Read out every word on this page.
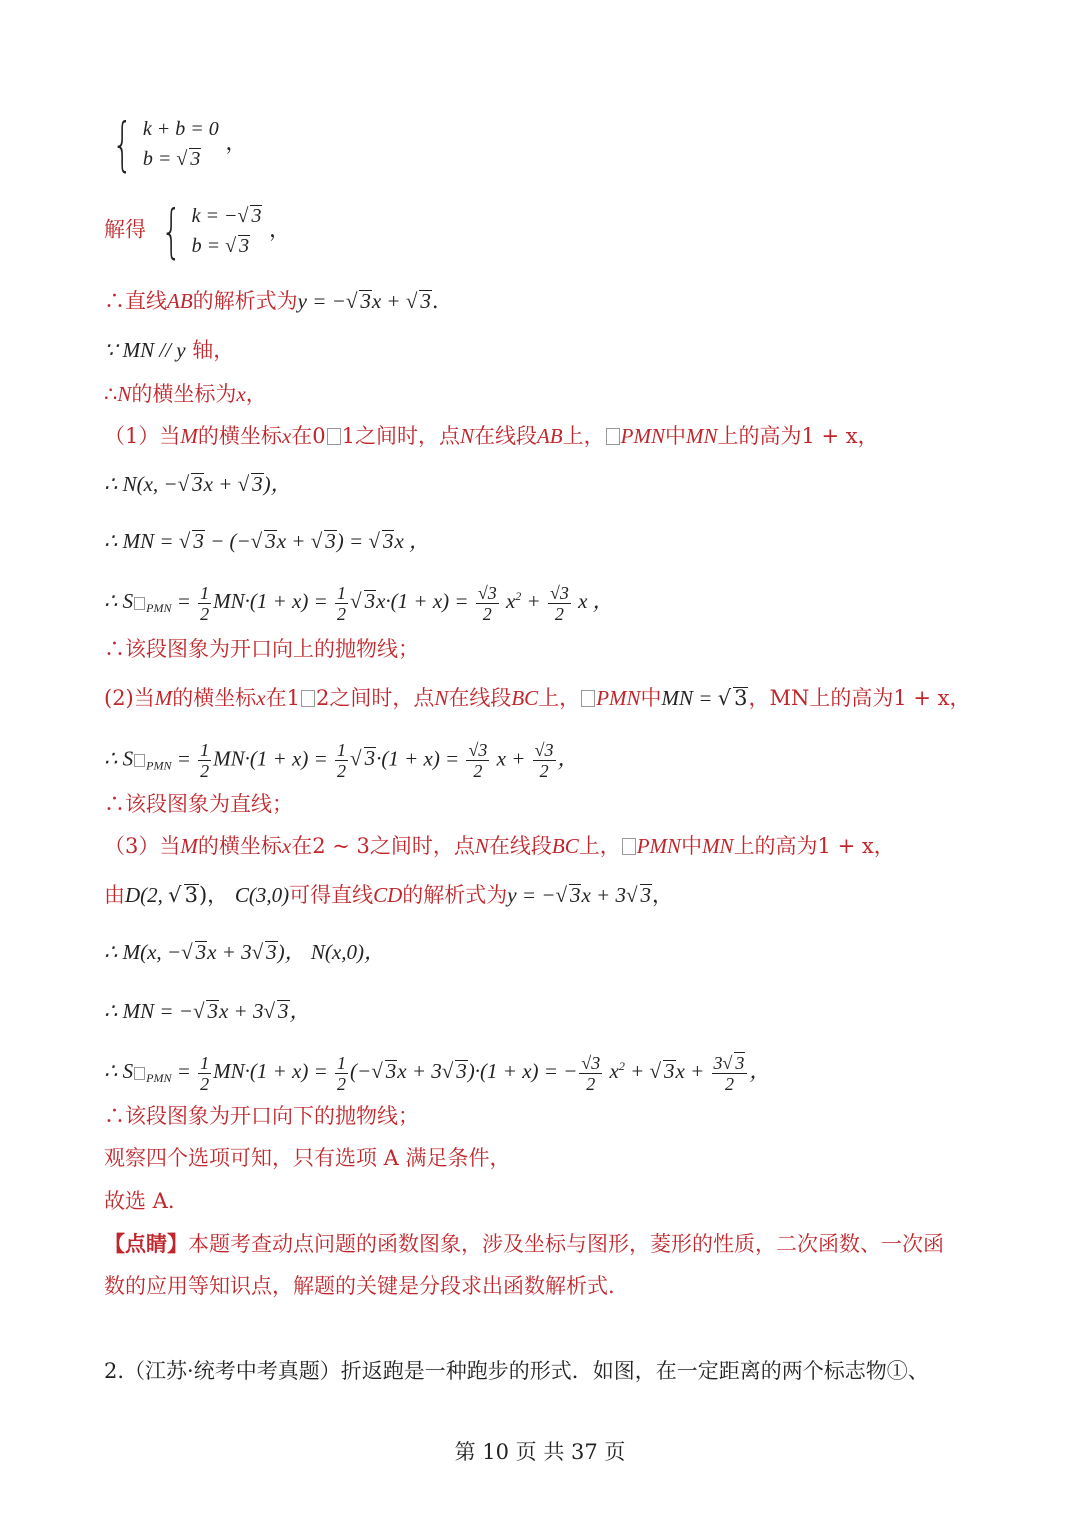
{ k + b = 0
b = √ 3
，
解得 { k = −√ 3
b = √ 3
，
∴直线AB的解析式为y = −√ 3x + √ 3.
∵ MN // y 轴，
∴N的横坐标为x，
（1）当M的横坐标x在0 1之间时，点N在线段AB上， PMN中MN上的高为1 + x，
∴ N(x, −√ 3x + √ 3)，
∴ MN = √ 3 − (−√ 3x + √ 3) = √ 3x ，
∴ S $_{PMN} = \frac{1}{2} MN\cdot(1 + x) = \frac{1}{2}$ √ $3x\cdot(1 + x) = \frac{√3}{2} x^2 + \frac{√3}{2}$ x ，
∴该段图象为开口向上的抛物线；
(2)当M的横坐标x在1 2之间时，点N在线段BC上， PMN中MN = √ 3，MN上的高为1 + x，
∴ S $_{PMN} = \frac{1}{2} MN\cdot(1 + x) = \frac{1}{2}$ √ $3\cdot(1 + x) = \frac{√3}{2}$ $x + \frac{√3}{2}$ ，
∴该段图象为直线；
（3）当M的横坐标x在2 ~ 3之间时，点N在线段BC上， PMN中MN上的高为1 + x，
由D(2, √ 3)， C(3,0)可得直线CD的解析式为y = −√ 3x + 3√ 3，
∴ M(x, −√ 3x + 3√ 3)， N(x,0)，
∴ MN = −√ 3x + 3√ 3，
∴ S $_{PMN} = \frac{1}{2} MN\cdot(1 + x) = \frac{1}{2}$ (−√ 3x + 3√ 3)·(1 + x) = − $\frac{√3}{2} x^2$ + √ $3x + \frac{3√ 3}{2}$ ，
∴该段图象为开口向下的抛物线；
观察四个选项可知，只有选项 A 满足条件，
故选 A.
【点睛】本题考查动点问题的函数图象，涉及坐标与图形，菱形的性质，二次函数、一次函
数的应用等知识点，解题的关键是分段求出函数解析式.
2.（江苏·统考中考真题）折返跑是一种跑步的形式．如图，在一定距离的两个标志物①、
第 10 页 共 37 页
